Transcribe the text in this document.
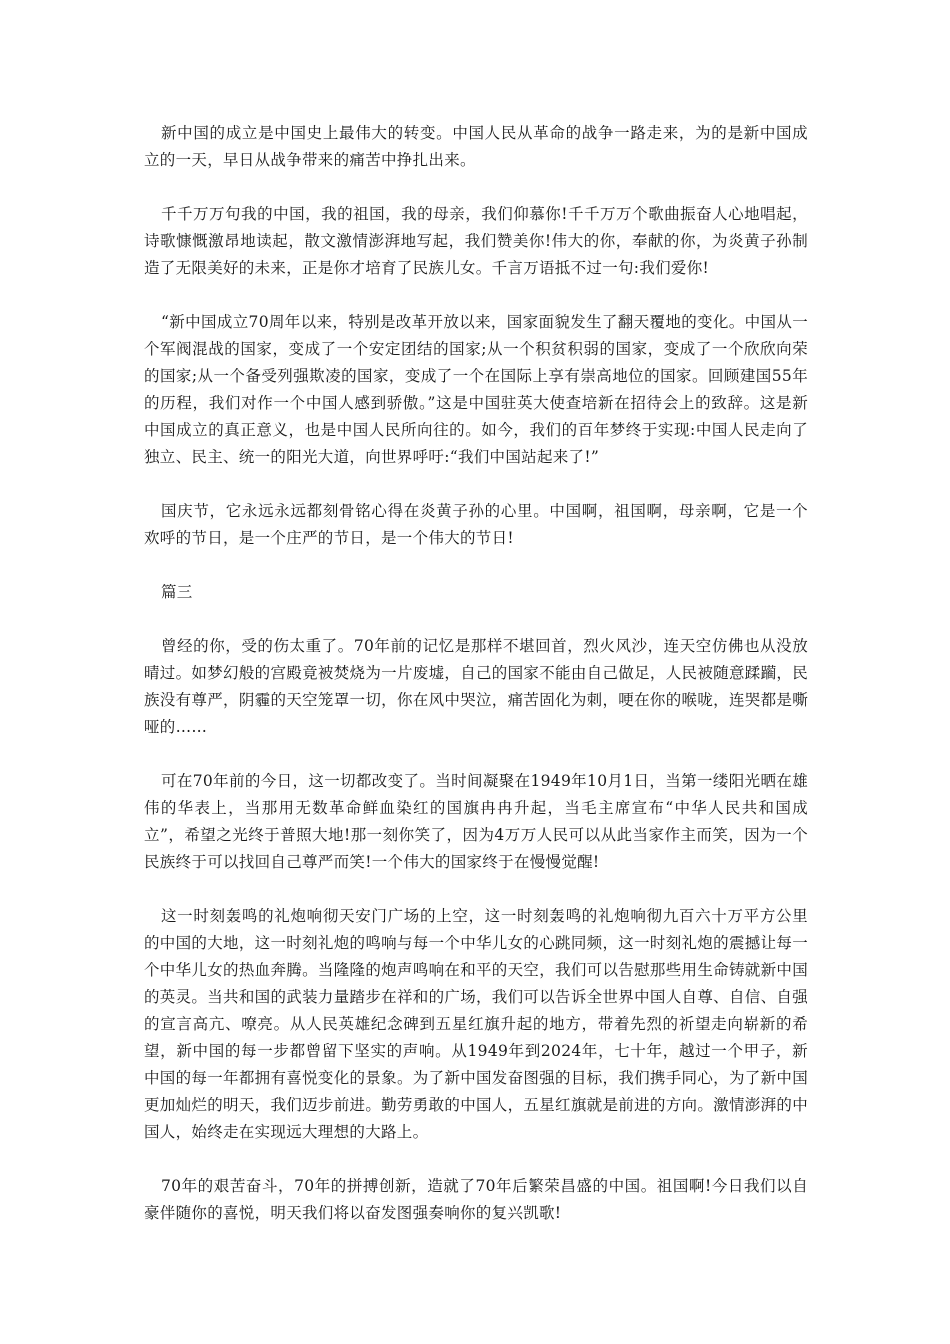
新中国的成立是中国史上最伟大的转变。中国人民从革命的战争一路走来，为的是新中国成立的一天，早日从战争带来的痛苦中挣扎出来。

千千万万句我的中国，我的祖国，我的母亲，我们仰慕你!千千万万个歌曲振奋人心地唱起，诗歌慷慨激昂地读起，散文激情澎湃地写起，我们赞美你!伟大的你，奉献的你，为炎黄子孙制造了无限美好的未来，正是你才培育了民族儿女。千言万语抵不过一句:我们爱你!

“新中国成立70周年以来，特别是改革开放以来，国家面貌发生了翻天覆地的变化。中国从一个军阀混战的国家，变成了一个安定团结的国家;从一个积贫积弱的国家，变成了一个欣欣向荣的国家;从一个备受列强欺凌的国家，变成了一个在国际上享有崇高地位的国家。回顾建国55年的历程，我们对作一个中国人感到骄傲。”这是中国驻英大使查培新在招待会上的致辞。这是新中国成立的真正意义，也是中国人民所向往的。如今，我们的百年梦终于实现:中国人民走向了独立、民主、统一的阳光大道，向世界呼吁:“我们中国站起来了!”

国庆节，它永远永远都刻骨铭心得在炎黄子孙的心里。中国啊，祖国啊，母亲啊，它是一个欢呼的节日，是一个庄严的节日，是一个伟大的节日!

篇三

曾经的你，受的伤太重了。70年前的记忆是那样不堪回首，烈火风沙，连天空仿佛也从没放晴过。如梦幻般的宫殿竟被焚烧为一片废墟，自己的国家不能由自己做足，人民被随意蹂躏，民族没有尊严，阴霾的天空笼罩一切，你在风中哭泣，痛苦固化为刺，哽在你的喉咙，连哭都是嘶哑的……

可在70年前的今日，这一切都改变了。当时间凝聚在1949年10月1日，当第一缕阳光晒在雄伟的华表上，当那用无数革命鲜血染红的国旗冉冉升起，当毛主席宣布“中华人民共和国成立”，希望之光终于普照大地!那一刻你笑了，因为4万万人民可以从此当家作主而笑，因为一个民族终于可以找回自己尊严而笑!一个伟大的国家终于在慢慢觉醒!

这一时刻轰鸣的礼炮响彻天安门广场的上空，这一时刻轰鸣的礼炮响彻九百六十万平方公里的中国的大地，这一时刻礼炮的鸣响与每一个中华儿女的心跳同频，这一时刻礼炮的震撼让每一个中华儿女的热血奔腾。当隆隆的炮声鸣响在和平的天空，我们可以告慰那些用生命铸就新中国的英灵。当共和国的武装力量踏步在祥和的广场，我们可以告诉全世界中国人自尊、自信、自强的宣言高亢、嘹亮。从人民英雄纪念碑到五星红旗升起的地方，带着先烈的祈望走向崭新的希望，新中国的每一步都曾留下坚实的声响。从1949年到2024年，七十年，越过一个甲子，新中国的每一年都拥有喜悦变化的景象。为了新中国发奋图强的目标，我们携手同心，为了新中国更加灿烂的明天，我们迈步前进。勤劳勇敢的中国人，五星红旗就是前进的方向。激情澎湃的中国人，始终走在实现远大理想的大路上。

70年的艰苦奋斗，70年的拼搏创新，造就了70年后繁荣昌盛的中国。祖国啊!今日我们以自豪伴随你的喜悦，明天我们将以奋发图强奏响你的复兴凯歌!
